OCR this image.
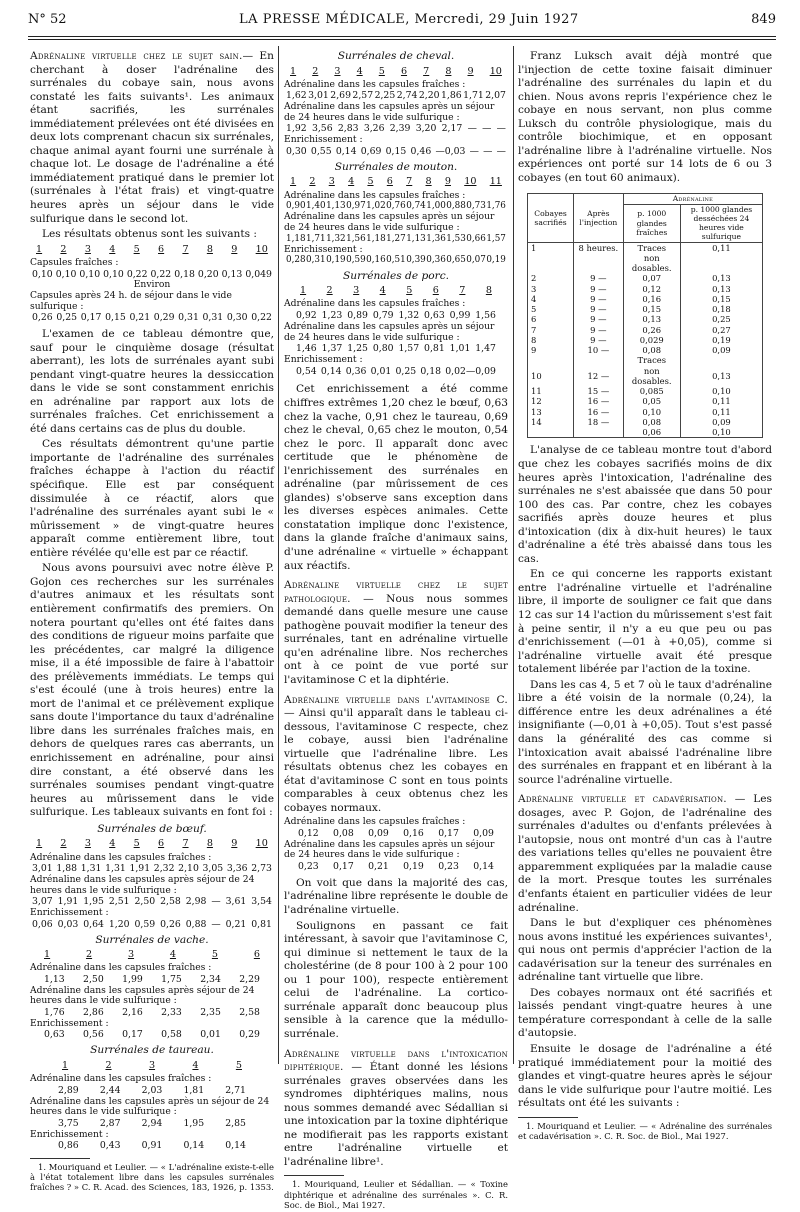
N° 52	LA PRESSE MÉDICALE, Mercredi, 29 Juin 1927	849

Adrénaline virtuelle chez le sujet sain.— En cherchant à doser l'adrénaline des surrénales du cobaye sain, nous avons constaté les faits suivants¹. Les animaux étant sacrifiés, les surrénales immédiatement prélevées ont été divisées en deux lots comprenant chacun six surrénales, chaque animal ayant fourni une surrénale à chaque lot. Le dosage de l'adrénaline a été immédiatement pratiqué dans le premier lot (surrénales à l'état frais) et vingt-quatre heures après un séjour dans le vide sulfurique dans le second lot.

Les résultats obtenus sont les suivants :

1 2 3 4 5 6 7 8 9 10
Capsules fraîches :
0,10 0,10 0,10 0,10 0,22 0,22 0,18 0,20 0,13 0,049
Environ
Capsules après 24 h. de séjour dans le vide sulfurique :
0,26 0,25 0,17 0,15 0,21 0,29 0,31 0,31 0,30 0,22

L'examen de ce tableau démontre que, sauf pour le cinquième dosage (résultat aberrant), les lots de surrénales ayant subi pendant vingt-quatre heures la dessiccation dans le vide se sont constamment enrichis en adrénaline par rapport aux lots de surrénales fraîches. Cet enrichissement a été dans certains cas de plus du double.

Ces résultats démontrent qu'une partie importante de l'adrénaline des surrénales fraîches échappe à l'action du réactif spécifique. Elle est par conséquent dissimulée à ce réactif, alors que l'adrénaline des surrénales ayant subi le « mûrissement » de vingt-quatre heures apparaît comme entièrement libre, tout entière révélée qu'elle est par ce réactif.

Nous avons poursuivi avec notre élève P. Gojon ces recherches sur les surrénales d'autres animaux et les résultats sont entièrement confirmatifs des premiers. On notera pourtant qu'elles ont été faites dans des conditions de rigueur moins parfaite que les précédentes, car malgré la diligence mise, il a été impossible de faire à l'abattoir des prélèvements immédiats. Le temps qui s'est écoulé (une à trois heures) entre la mort de l'animal et ce prélèvement explique sans doute l'importance du taux d'adrénaline libre dans les surrénales fraîches mais, en dehors de quelques rares cas aberrants, un enrichissement en adrénaline, pour ainsi dire constant, a été observé dans les surrénales soumises pendant vingt-quatre heures au mûrissement dans le vide sulfurique. Les tableaux suivants en font foi :

Surrénales de bœuf.
1 2 3 4 5 6 7 8 9 10
Adrénaline dans les capsules fraîches :
3,01 1,88 1,31 1,31 1,91 2,32 2,10 3,05 3,36 2,73
Adrénaline dans les capsules après séjour de 24 heures dans le vide sulfurique :
3,07 1,91 1,95 2,51 2,50 2,58 2,98 — 3,61 3,54
Enrichissement :
0,06 0,03 0,64 1,20 0,59 0,26 0,88 — 0,21 0,81
Surrénales de vache.
1	2	3	4	5	6
Adrénaline dans les capsules fraîches :
1,13 2,50 1,99 1,75 2,34 2,29
Adrénaline dans les capsules après séjour de 24 heures dans le vide sulfurique :
1,76 2,86 2,16 2,33 2,35 2,58
Enrichissement :
0,63 0,56 0,17 0,58 0,01 0,29
Surrénales de taureau.
1	2	3	4	5
Adrénaline dans les capsules fraîches :
2,89 2,44 2,03 1,81 2,71
Adrénaline dans les capsules après un séjour de 24 heures dans le vide sulfurique :
3,75 2,87 2,94 1,95 2,85
Enrichissement :
0,86 0,43 0,91 0,14 0,14

1. Mouriquand et Leulier. — « L'adrénaline existe-t-elle à l'état totalement libre dans les capsules surrénales fraîches ? » C. R. Acad. des Sciences, 183, 1926, p. 1353.

Surrénales de cheval.
1 2 3 4 5 6 7 8 9 10
Adrénaline dans les capsules fraîches :
1,62 3,01 2,69 2,57 2,25 2,74 2,20 1,86 1,71 2,07
Adrénaline dans les capsules après un séjour de 24 heures dans le vide sulfurique :
1,92 3,56 2,83 3,26 2,39 3,20 2,17 — — —
Enrichissement :
0,30 0,55 0,14 0,69 0,15 0,46 —0,03 — — —
Surrénales de mouton.
1 2 3 4 5 6 7 8 9 10 11
Adrénaline dans les capsules fraîches :
0,90 1,40 1,13 0,97 1,02 0,76 0,74 1,00 0,88 0,73 1,76
Adrénaline dans les capsules après un séjour de 24 heures dans le vide sulfurique :
1,18 1,71 1,32 1,56 1,18 1,27 1,13 1,36 1,53 0,66 1,57
Enrichissement :
0,28 0,31 0,19 0,59 0,16 0,51 0,39 0,36 0,65 0,07 0,19
Surrénales de porc.
1 2 3 4 5 6 7 8
Adrénaline dans les capsules fraîches :
0,92 1,23 0,89 0,79 1,32 0,63 0,99 1,56
Adrénaline dans les capsules après un séjour de 24 heures dans le vide sulfurique :
1,46 1,37 1,25 0,80 1,57 0,81 1,01 1,47
Enrichissement :
0,54 0,14 0,36 0,01 0,25 0,18 0,02—0,09

Cet enrichissement a été comme chiffres extrêmes 1,20 chez le bœuf, 0,63 chez la vache, 0,91 chez le taureau, 0,69 chez le cheval, 0,65 chez le mouton, 0,54 chez le porc. Il apparaît donc avec certitude que le phénomène de l'enrichissement des surrénales en adrénaline (par mûrissement de ces glandes) s'observe sans exception dans les diverses espèces animales. Cette constatation implique donc l'existence, dans la glande fraîche d'animaux sains, d'une adrénaline « virtuelle » échappant aux réactifs.

Adrénaline virtuelle chez le sujet pathologique. — Nous nous sommes demandé dans quelle mesure une cause pathogène pouvait modifier la teneur des surrénales, tant en adrénaline virtuelle qu'en adrénaline libre. Nos recherches ont à ce point de vue porté sur l'avitaminose C et la diphtérie.

Adrénaline virtuelle dans l'avitaminose C. — Ainsi qu'il apparaît dans le tableau ci-dessous, l'avitaminose C respecte, chez le cobaye, aussi bien l'adrénaline virtuelle que l'adrénaline libre. Les résultats obtenus chez les cobayes en état d'avitaminose C sont en tous points comparables à ceux obtenus chez les cobayes normaux.

Adrénaline dans les capsules fraîches :
0,12 0,08 0,09 0,16 0,17 0,09
Adrénaline dans les capsules après un séjour de 24 heures dans le vide sulfurique :
0,23 0,17 0,21 0,19 0,23 0,14

On voit que dans la majorité des cas, l'adrénaline libre représente le double de l'adrénaline virtuelle.

Soulignons en passant ce fait intéressant, à savoir que l'avitaminose C, qui diminue si nettement le taux de la cholestérine (de 8 pour 100 à 2 pour 100 ou 1 pour 100), respecte entièrement celui de l'adrénaline. La cortico-surrénale apparaît donc beaucoup plus sensible à la carence que la médullo-surrénale.

Adrénaline virtuelle dans l'intoxication diphtérique. — Étant donné les lésions surrénales graves observées dans les syndromes diphtériques malins, nous nous sommes demandé avec Sédallian si une intoxication par la toxine diphtérique ne modifierait pas les rapports existant entre l'adrénaline virtuelle et l'adrénaline libre¹.

1. Mouriquand, Leulier et Sédallian. — « Toxine diphtérique et adrénaline des surrénales ». C. R. Soc. de Biol., Mai 1927.

Franz Luksch avait déjà montré que l'injection de cette toxine faisait diminuer l'adrénaline des surrénales du lapin et du chien. Nous avons repris l'expérience chez le cobaye en nous servant, non plus comme Luksch du contrôle physiologique, mais du contrôle biochimique, et en opposant l'adrénaline libre à l'adrénaline virtuelle. Nos expériences ont porté sur 14 lots de 6 ou 3 cobayes (en tout 60 animaux).

Cobayes sacrifiés	Après l'injection	Adrénaline	
		p. 1000 glandes fraîches	p. 1000 glandes desséchées 24 heures vide sulfurique
1	8 heures.	Traces	0,11
		non dosables.	
2	9 —	0,07	0,13
3	9 —	0,12	0,13
4	9 —	0,16	0,15
5	9 —	0,15	0,18
6	9 —	0,13	0,25
7	9 —	0,26	0,27
8	9 —	0,029	0,19
9	10 —	0,08	0,09
		Traces	
10	12 —	non dosables.	0,13
11	15 —	0,085	0,10
12	16 —	0,05	0,11
13	16 —	0,10	0,11
14	18 —	0,08	0,09
		0,06	0,10

L'analyse de ce tableau montre tout d'abord que chez les cobayes sacrifiés moins de dix heures après l'intoxication, l'adrénaline des surrénales ne s'est abaissée que dans 50 pour 100 des cas. Par contre, chez les cobayes sacrifiés après douze heures et plus d'intoxication (dix à dix-huit heures) le taux d'adrénaline a été très abaissé dans tous les cas.

En ce qui concerne les rapports existant entre l'adrénaline virtuelle et l'adrénaline libre, il importe de souligner ce fait que dans 12 cas sur 14 l'action du mûrissement s'est fait à peine sentir, il n'y a eu que peu ou pas d'enrichissement (—01 à +0,05), comme si l'adrénaline virtuelle avait été presque totalement libérée par l'action de la toxine.

Dans les cas 4, 5 et 7 où le taux d'adrénaline libre a été voisin de la normale (0,24), la différence entre les deux adrénalines a été insignifiante (—0,01 à +0,05). Tout s'est passé dans la généralité des cas comme si l'intoxication avait abaissé l'adrénaline libre des surrénales en frappant et en libérant à la source l'adrénaline virtuelle.

Adrénaline virtuelle et cadavérisation. — Les dosages, avec P. Gojon, de l'adrénaline des surrénales d'adultes ou d'enfants prélevées à l'autopsie, nous ont montré d'un cas à l'autre des variations telles qu'elles ne pouvaient être apparemment expliquées par la maladie cause de la mort. Presque toutes les surrénales d'enfants étaient en particulier vidées de leur adrénaline.

Dans le but d'expliquer ces phénomènes nous avons institué les expériences suivantes¹, qui nous ont permis d'apprécier l'action de la cadavérisation sur la teneur des surrénales en adrénaline tant virtuelle que libre.

Des cobayes normaux ont été sacrifiés et laissés pendant vingt-quatre heures à une température correspondant à celle de la salle d'autopsie.

Ensuite le dosage de l'adrénaline a été pratiqué immédiatement pour la moitié des glandes et vingt-quatre heures après le séjour dans le vide sulfurique pour l'autre moitié. Les résultats ont été les suivants :

1. Mouriquand et Leulier. — « Adrénaline des surrénales et cadavérisation ». C. R. Soc. de Biol., Mai 1927.
